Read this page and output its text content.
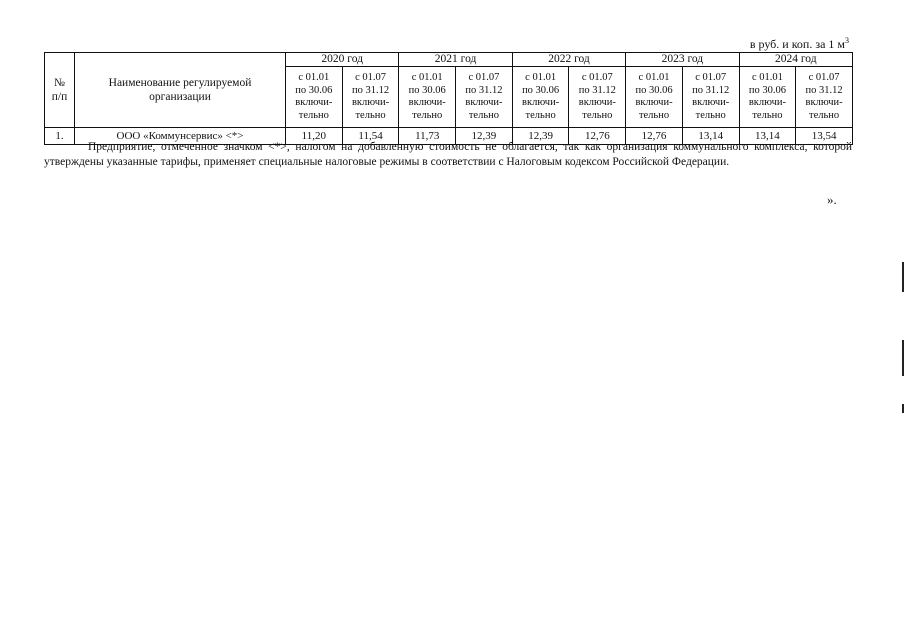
в руб. и коп. за 1 $м^3$
№
п/п	Наименование регулируемой
организации	2020 год		2021 год		2022 год		2023 год		2024 год	

		с 01.01
по 30.06
включи-
тельно	с 01.07
по 31.12
включи-
тельно	с 01.01
по 30.06
включи-
тельно	с 01.07
по 31.12
включи-
тельно	с 01.01
по 30.06
включи-
тельно	с 01.07
по 31.12
включи-
тельно	с 01.01
по 30.06
включи-
тельно	с 01.07
по 31.12
включи-
тельно	с 01.01
по 30.06
включи-
тельно	с 01.07
по 31.12
включи-
тельно

1.	ООО «Коммунсервис» <*>	11,20	11,54	11,73	12,39	12,39	12,76	12,76	13,14	13,14	13,54

Предприятие, отмеченное значком <*>, налогом на добавленную стоимость не облагается, так как организация коммунального комплекса, которой утверждены указанные тарифы, применяет специальные налоговые режимы в соответствии с Налоговым кодексом Российской Федерации.

».
